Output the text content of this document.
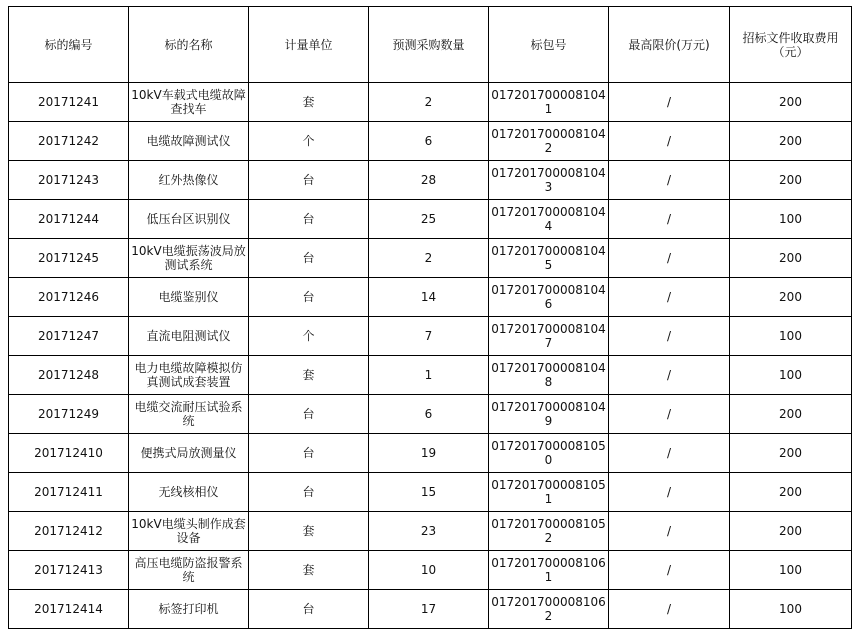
标的编号	标的名称	计量单位	预测采购数量	标包号	最高限价(万元)	招标文件收取费用（元）
20171241	10kV车载式电缆故障查找车	套	2	0172017000081041	/	200
20171242	电缆故障测试仪	个	6	0172017000081042	/	200
20171243	红外热像仪	台	28	0172017000081043	/	200
20171244	低压台区识别仪	台	25	0172017000081044	/	100
20171245	10kV电缆振荡波局放测试系统	台	2	0172017000081045	/	200
20171246	电缆鉴别仪	台	14	0172017000081046	/	200
20171247	直流电阻测试仪	个	7	0172017000081047	/	100
20171248	电力电缆故障模拟仿真测试成套装置	套	1	0172017000081048	/	100
20171249	电缆交流耐压试验系统	台	6	0172017000081049	/	200
201712410	便携式局放测量仪	台	19	0172017000081050	/	200
201712411	无线核相仪	台	15	0172017000081051	/	200
201712412	10kV电缆头制作成套设备	套	23	0172017000081052	/	200
201712413	高压电缆防盗报警系统	套	10	0172017000081061	/	100
201712414	标签打印机	台	17	0172017000081062	/	100
